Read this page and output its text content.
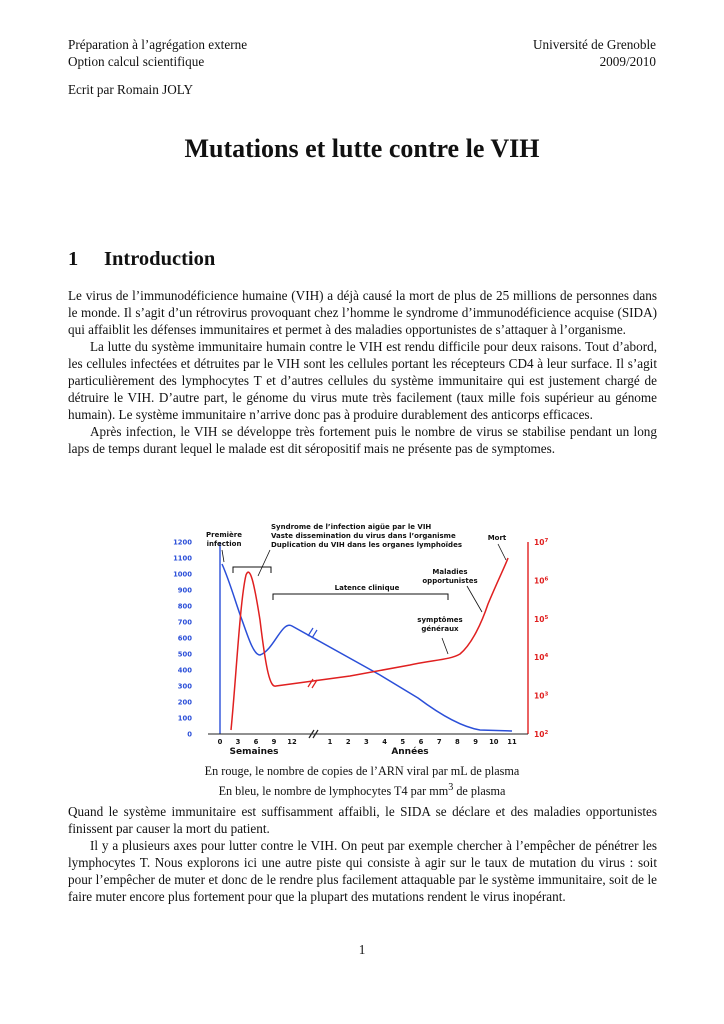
Préparation à l’agrégation externe
Option calcul scientifique
Université de Grenoble
2009/2010
Ecrit par Romain JOLY
Mutations et lutte contre le VIH
1 Introduction

Le virus de l’immunodéficience humaine (VIH) a déjà causé la mort de plus de 25 millions de personnes dans le monde. Il s’agit d’un rétrovirus provoquant chez l’homme le syndrome d’immunodéficience acquise (SIDA) qui affaiblit les défenses immunitaires et permet à des maladies opportunistes de s’attaquer à l’organisme.

La lutte du système immunitaire humain contre le VIH est rendu difficile pour deux raisons. Tout d’abord, les cellules infectées et détruites par le VIH sont les cellules portant les récepteurs CD4 à leur surface. Il s’agit particulièrement des lymphocytes T et d’autres cellules du système immunitaire qui est justement chargé de détruire le VIH. D’autre part, le génome du virus mute très facilement (taux mille fois supérieur au génome humain). Le système immunitaire n’arrive donc pas à produire durablement des anticorps efficaces.

Après infection, le VIH se développe très fortement puis le nombre de virus se stabilise pendant un long laps de temps durant lequel le malade est dit séropositif mais ne présente pas de symptomes.

0
100
200
300
400
500
600
700
800
900
1000
1100
1200
$10^2$
$10^3$
$10^4$
$10^5$
$10^6$
$10^7$
0 3 6 9 12	1 2 3 4 5 6 7 8 9 10 11
Semaines	Années
Première
infection
Syndrome de l’infection aigüe par le VIH
Vaste dissemination du virus dans l’organisme
Duplication du VIH dans les organes lymphoïdes
Latence clinique
symptômes
généraux
Mort
Maladies
opportunistes
En rouge, le nombre de copies de l’ARN viral par mL de plasma
En bleu, le nombre de lymphocytes T4 par $mm^3$ de plasma

Quand le système immunitaire est suffisamment affaibli, le SIDA se déclare et des maladies opportunistes finissent par causer la mort du patient.

Il y a plusieurs axes pour lutter contre le VIH. On peut par exemple chercher à l’empêcher de pénétrer les lymphocytes T. Nous explorons ici une autre piste qui consiste à agir sur le taux de mutation du virus : soit pour l’empêcher de muter et donc de le rendre plus facilement attaquable par le système immunitaire, soit de le faire muter encore plus fortement pour que la plupart des mutations rendent le virus inopérant.

1
